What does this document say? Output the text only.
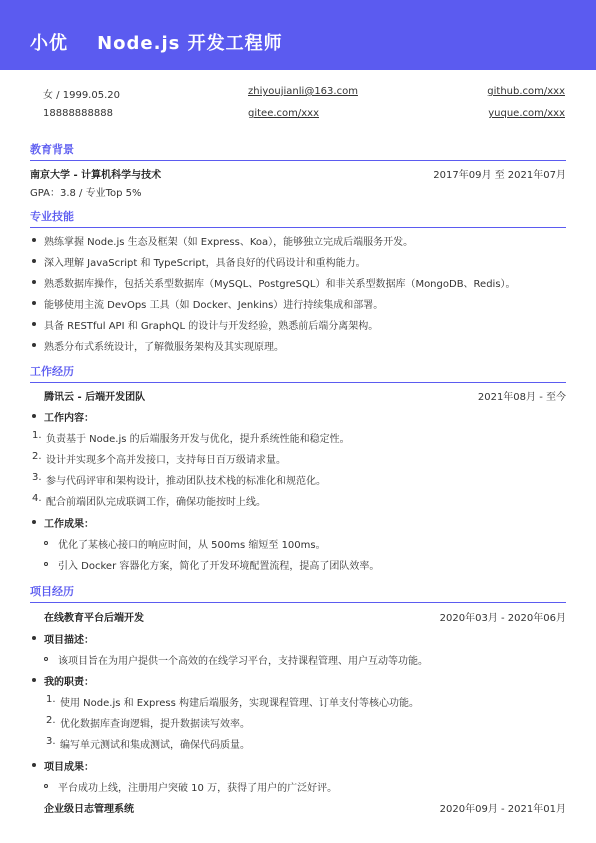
小优 Node.js 开发工程师
女 / 1999.05.20	zhiyoujianli@163.com	github.com/xxx
18888888888	gitee.com/xxx	yuque.com/xxx
教育背景
南京大学 - 计算机科学与技术	2017年09月 至 2021年07月
GPA：3.8 / 专业Top 5%
专业技能
熟练掌握 Node.js 生态及框架（如 Express、Koa），能够独立完成后端服务开发。
深入理解 JavaScript 和 TypeScript，具备良好的代码设计和重构能力。
熟悉数据库操作，包括关系型数据库（MySQL、PostgreSQL）和非关系型数据库（MongoDB、Redis）。
能够使用主流 DevOps 工具（如 Docker、Jenkins）进行持续集成和部署。
具备 RESTful API 和 GraphQL 的设计与开发经验，熟悉前后端分离架构。
熟悉分布式系统设计，了解微服务架构及其实现原理。
工作经历
腾讯云 - 后端开发团队	2021年08月 - 至今
工作内容：
1. 负责基于 Node.js 的后端服务开发与优化，提升系统性能和稳定性。
2. 设计并实现多个高并发接口，支持每日百万级请求量。
3. 参与代码评审和架构设计，推动团队技术栈的标准化和规范化。
4. 配合前端团队完成联调工作，确保功能按时上线。
工作成果：
优化了某核心接口的响应时间，从 500ms 缩短至 100ms。
引入 Docker 容器化方案，简化了开发环境配置流程，提高了团队效率。
项目经历
在线教育平台后端开发	2020年03月 - 2020年06月
项目描述：
该项目旨在为用户提供一个高效的在线学习平台，支持课程管理、用户互动等功能。
我的职责：
1. 使用 Node.js 和 Express 构建后端服务，实现课程管理、订单支付等核心功能。
2. 优化数据库查询逻辑，提升数据读写效率。
3. 编写单元测试和集成测试，确保代码质量。
项目成果：
平台成功上线，注册用户突破 10 万，获得了用户的广泛好评。
企业级日志管理系统	2020年09月 - 2021年01月
